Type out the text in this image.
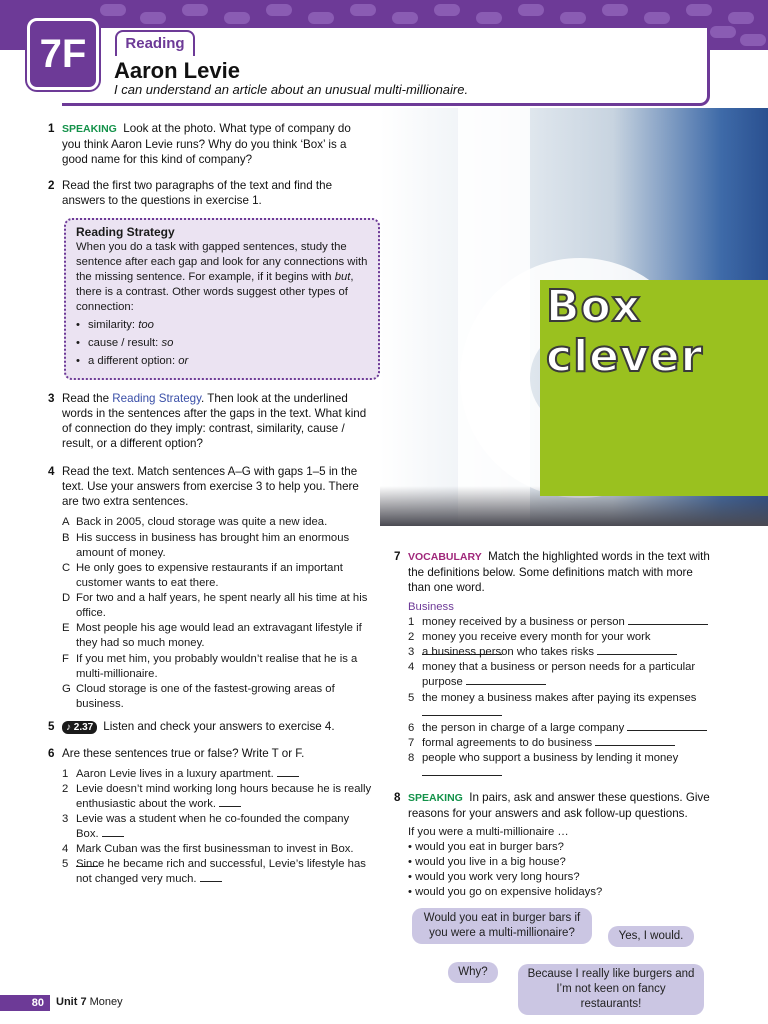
7F	Reading
Aaron Levie
I can understand an article about an unusual multi-millionaire.
Box
clever
1 SPEAKING Look at the photo. What type of company do you think Aaron Levie runs? Why do you think ‘Box’ is a good name for this kind of company?
2 Read the first two paragraphs of the text and find the answers to the questions in exercise 1.
Reading Strategy
When you do a task with gapped sentences, study the sentence after each gap and look for any connections with the missing sentence. For example, if it begins with but, there is a contrast. Other words suggest other types of connection:
• similarity: too
• cause / result: so
• a different option: or
3 Read the Reading Strategy. Then look at the underlined words in the sentences after the gaps in the text. What kind of connection do they imply: contrast, similarity, cause / result, or a different option?
4 Read the text. Match sentences A–G with gaps 1–5 in the text. Use your answers from exercise 3 to help you. There are two extra sentences.
5 ♪ 2.37 Listen and check your answers to exercise 4.
6 Are these sentences true or false? Write T or F.
7 VOCABULARY Match the highlighted words in the text with the definitions below. Some definitions match with more than one word.
Business
8 SPEAKING In pairs, ask and answer these questions. Give reasons for your answers and ask follow-up questions.
If you were a multi-millionaire …
Would you eat in burger bars if you were a multi-millionaire?	Yes, I would.
Why?	Because I really like burgers and I’m not keen on fancy restaurants!
80	Unit 7 Money
A Back in 2005, cloud storage was quite a new idea.
B His success in business has brought him an enormous amount of money.
C He only goes to expensive restaurants if an important customer wants to eat there.
D For two and a half years, he spent nearly all his time at his office.
E Most people his age would lead an extravagant lifestyle if they had so much money.
F If you met him, you probably wouldn’t realise that he is a multi-millionaire.
G Cloud storage is one of the fastest-growing areas of business.
1 Aaron Levie lives in a luxury apartment.
2 Levie doesn’t mind working long hours because he is really enthusiastic about the work.
3 Levie was a student when he co-founded the company Box.
4 Mark Cuban was the first businessman to invest in Box.
5 Since he became rich and successful, Levie’s lifestyle has not changed very much.
1 money received by a business or person
2 money you receive every month for your work
3 a business person who takes risks
4 money that a business or person needs for a particular purpose
5 the money a business makes after paying its expenses
6 the person in charge of a large company
7 formal agreements to do business
8 people who support a business by lending it money
• would you eat in burger bars?
• would you live in a big house?
• would you work very long hours?
• would you go on expensive holidays?
